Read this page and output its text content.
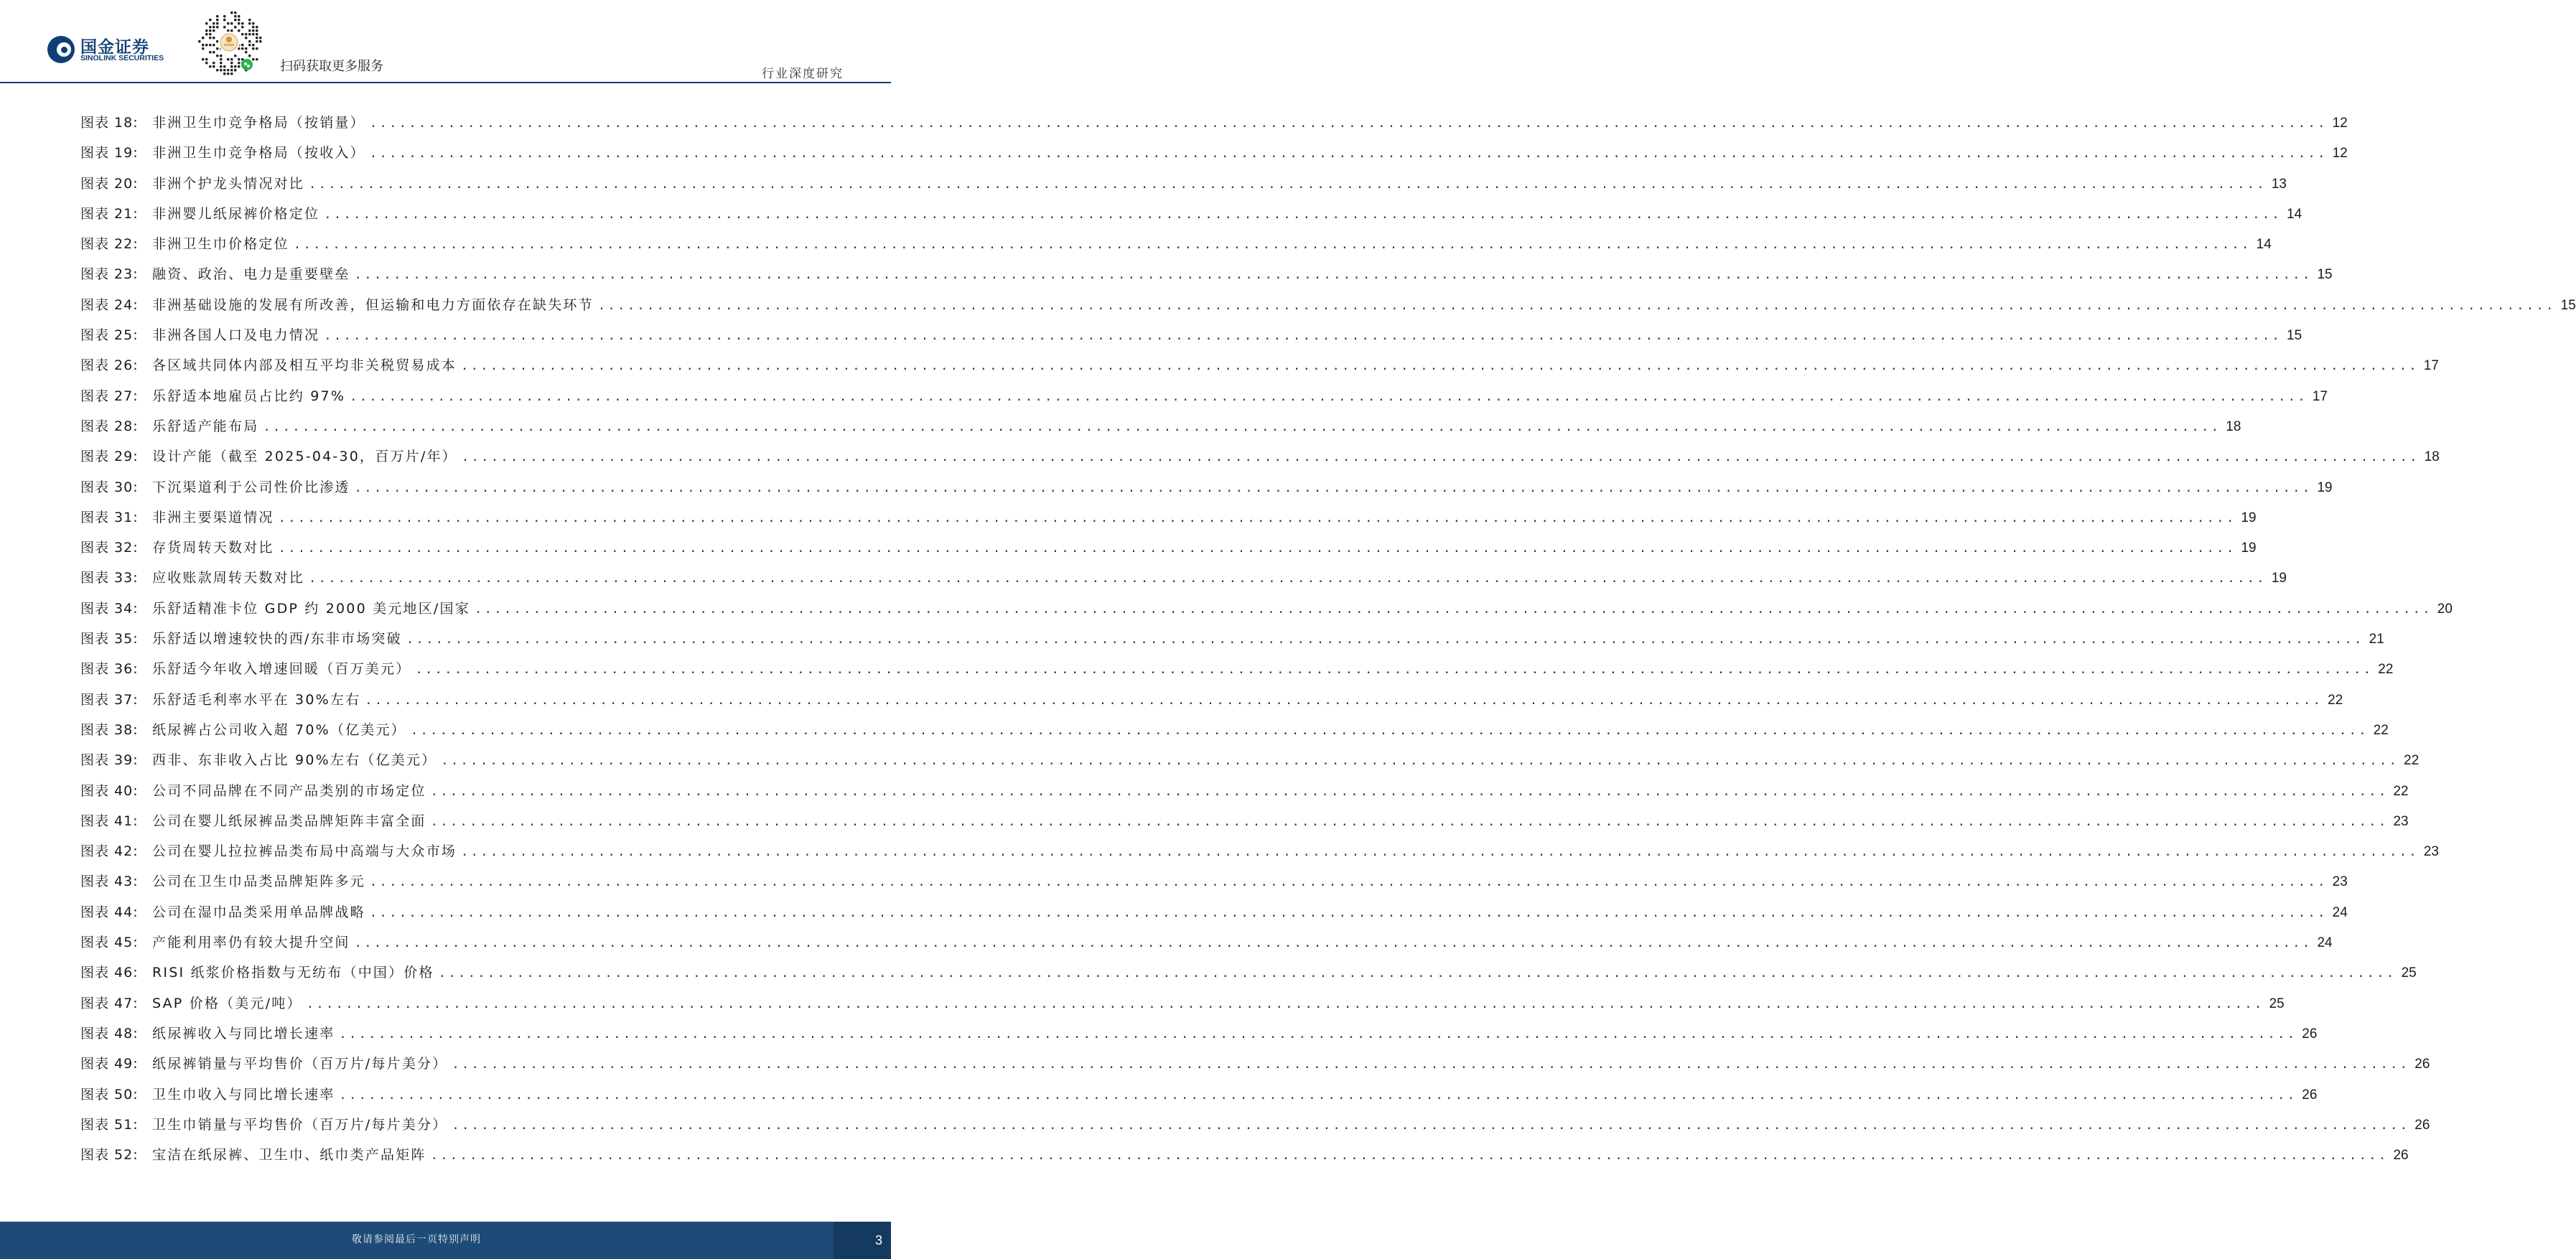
国金证券
SINOLINK SECURITIES
扫码获取更多服务	行业深度研究
图表 18:	非洲卫生巾竞争格局（按销量） ........................................................................................................................................................................................................ 12
图表 19:	非洲卫生巾竞争格局（按收入） ........................................................................................................................................................................................................ 12
图表 20:	非洲个护龙头情况对比 ........................................................................................................................................................................................................ 13
图表 21:	非洲婴儿纸尿裤价格定位 ........................................................................................................................................................................................................ 14
图表 22:	非洲卫生巾价格定位 ........................................................................................................................................................................................................ 14
图表 23:	融资、政治、电力是重要壁垒 ........................................................................................................................................................................................................ 15
图表 24:	非洲基础设施的发展有所改善，但运输和电力方面依存在缺失环节 ........................................................................................................................................................................................................ 15
图表 25:	非洲各国人口及电力情况 ........................................................................................................................................................................................................ 15
图表 26:	各区域共同体内部及相互平均非关税贸易成本 ........................................................................................................................................................................................................ 17
图表 27:	乐舒适本地雇员占比约 97% ........................................................................................................................................................................................................ 17
图表 28:	乐舒适产能布局 ........................................................................................................................................................................................................ 18
图表 29:	设计产能（截至 2025-04-30，百万片/年） ........................................................................................................................................................................................................ 18
图表 30:	下沉渠道利于公司性价比渗透 ........................................................................................................................................................................................................ 19
图表 31:	非洲主要渠道情况 ........................................................................................................................................................................................................ 19
图表 32:	存货周转天数对比 ........................................................................................................................................................................................................ 19
图表 33:	应收账款周转天数对比 ........................................................................................................................................................................................................ 19
图表 34:	乐舒适精准卡位 GDP 约 2000 美元地区/国家 ........................................................................................................................................................................................................ 20
图表 35:	乐舒适以增速较快的西/东非市场突破 ........................................................................................................................................................................................................ 21
图表 36:	乐舒适今年收入增速回暖（百万美元） ........................................................................................................................................................................................................ 22
图表 37:	乐舒适毛利率水平在 30%左右 ........................................................................................................................................................................................................ 22
图表 38:	纸尿裤占公司收入超 70%（亿美元） ........................................................................................................................................................................................................ 22
图表 39:	西非、东非收入占比 90%左右（亿美元） ........................................................................................................................................................................................................ 22
图表 40:	公司不同品牌在不同产品类别的市场定位 ........................................................................................................................................................................................................ 22
图表 41:	公司在婴儿纸尿裤品类品牌矩阵丰富全面 ........................................................................................................................................................................................................ 23
图表 42:	公司在婴儿拉拉裤品类布局中高端与大众市场 ........................................................................................................................................................................................................ 23
图表 43:	公司在卫生巾品类品牌矩阵多元 ........................................................................................................................................................................................................ 23
图表 44:	公司在湿巾品类采用单品牌战略 ........................................................................................................................................................................................................ 24
图表 45:	产能利用率仍有较大提升空间 ........................................................................................................................................................................................................ 24
图表 46:	RISI 纸浆价格指数与无纺布（中国）价格 ........................................................................................................................................................................................................ 25
图表 47:	SAP 价格（美元/吨） ........................................................................................................................................................................................................ 25
图表 48:	纸尿裤收入与同比增长速率 ........................................................................................................................................................................................................ 26
图表 49:	纸尿裤销量与平均售价（百万片/每片美分） ........................................................................................................................................................................................................ 26
图表 50:	卫生巾收入与同比增长速率 ........................................................................................................................................................................................................ 26
图表 51:	卫生巾销量与平均售价（百万片/每片美分） ........................................................................................................................................................................................................ 26
图表 52:	宝洁在纸尿裤、卫生巾、纸巾类产品矩阵 ........................................................................................................................................................................................................ 26
敬请参阅最后一页特别声明	3
